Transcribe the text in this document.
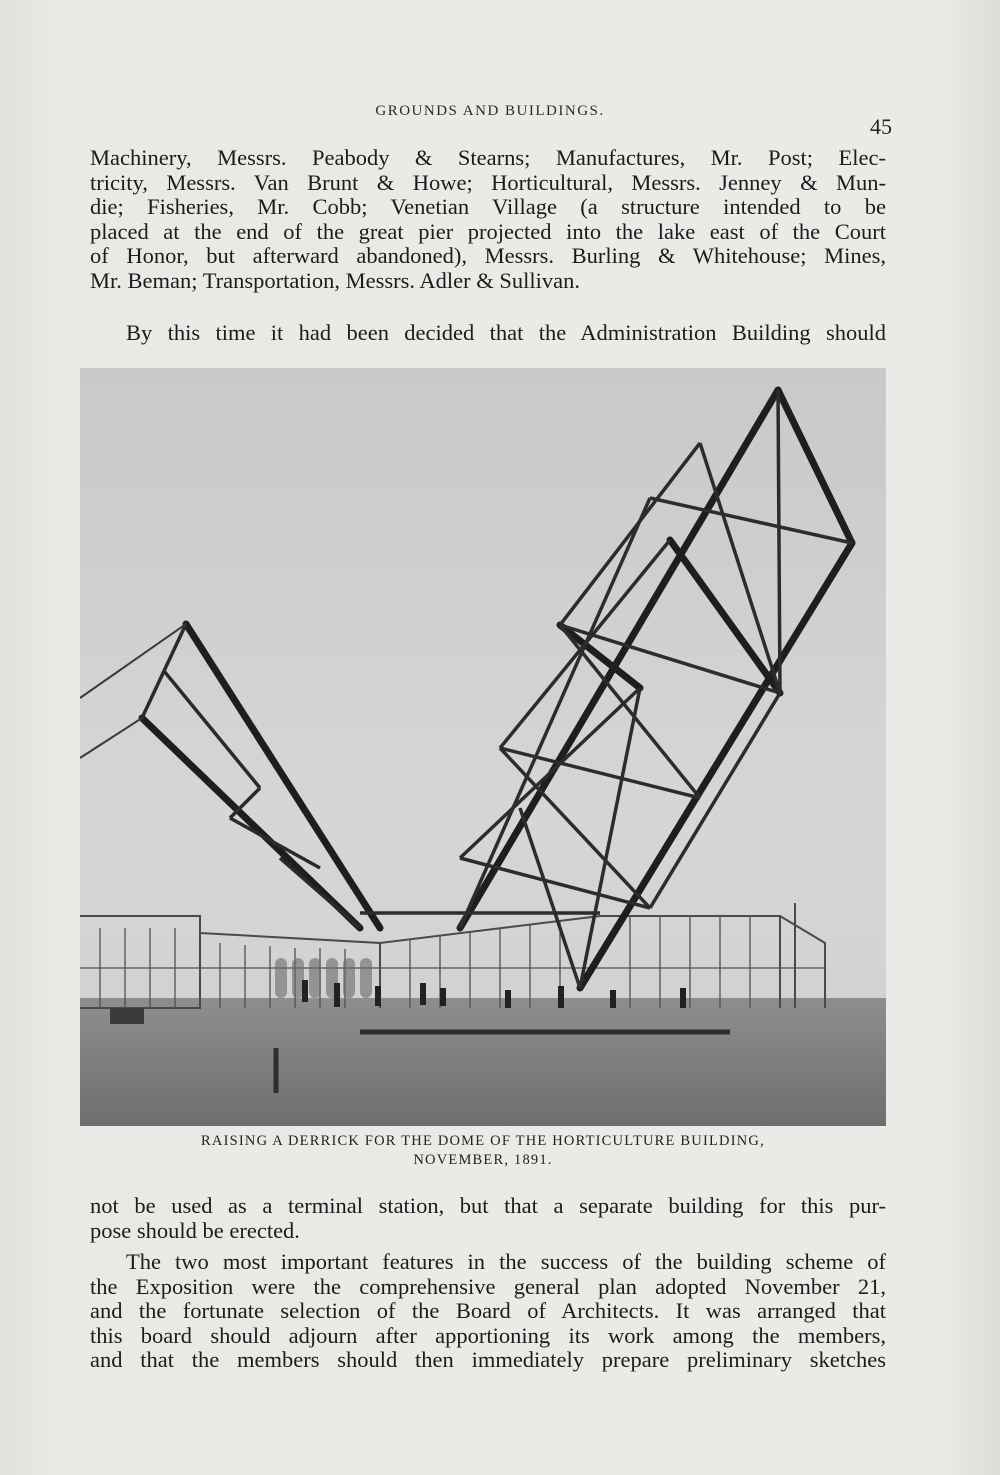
GROUNDS AND BUILDINGS.
45
Machinery, Messrs. Peabody & Stearns; Manufactures, Mr. Post; Elec-
tricity, Messrs. Van Brunt & Howe; Horticultural, Messrs. Jenney & Mun-
die; Fisheries, Mr. Cobb; Venetian Village (a structure intended to be
placed at the end of the great pier projected into the lake east of the Court
of Honor, but afterward abandoned), Messrs. Burling & Whitehouse; Mines,
Mr. Beman; Transportation, Messrs. Adler & Sullivan.
By this time it had been decided that the Administration Building should
RAISING A DERRICK FOR THE DOME OF THE HORTICULTURE BUILDING,
NOVEMBER, 1891.
not be used as a terminal station, but that a separate building for this pur-
pose should be erected.
The two most important features in the success of the building scheme of
the Exposition were the comprehensive general plan adopted November 21,
and the fortunate selection of the Board of Architects. It was arranged that
this board should adjourn after apportioning its work among the members,
and that the members should then immediately prepare preliminary sketches
